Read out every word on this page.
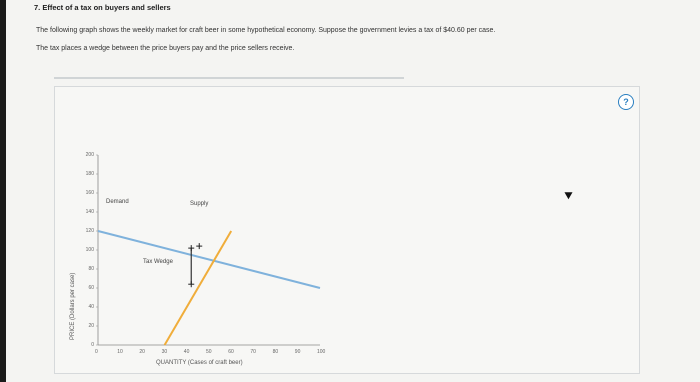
7. Effect of a tax on buyers and sellers
The following graph shows the weekly market for craft beer in some hypothetical economy. Suppose the government levies a tax of $40.60 per case.
The tax places a wedge between the price buyers pay and the price sellers receive.
?
PRICE (Dollars per case)
QUANTITY (Cases of craft beer)
200
180
160
140
120
100
80
60
40
20
0
0	10	20	30	40	50	60	70	80	90	100
Demand	Supply
Tax Wedge
